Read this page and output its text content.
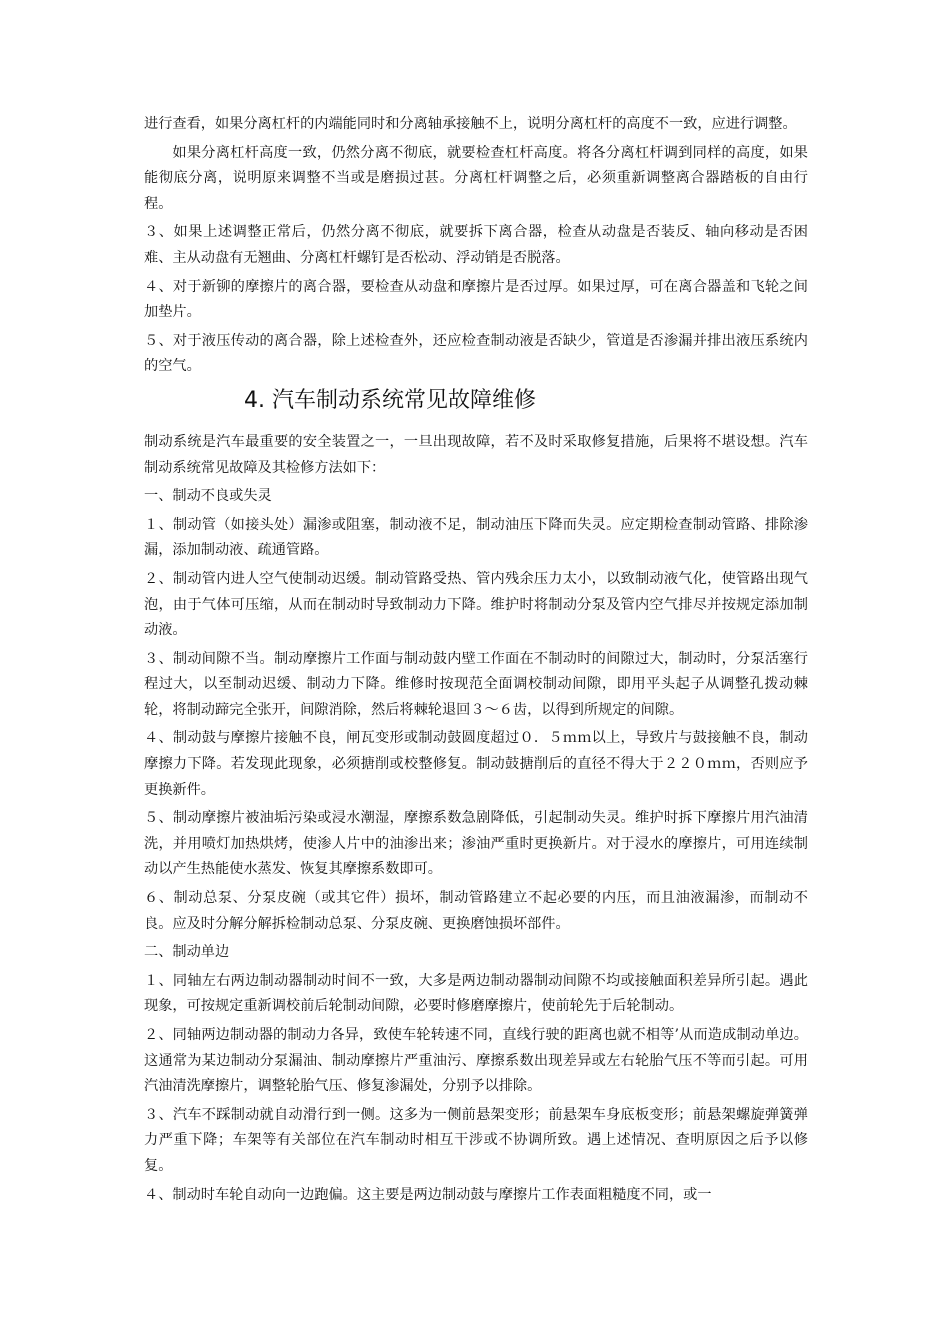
进行查看，如果分离杠杆的内端能同时和分离轴承接触不上，说明分离杠杆的高度不一致，应进行调整。

如果分离杠杆高度一致，仍然分离不彻底，就要检查杠杆高度。将各分离杠杆调到同样的高度，如果能彻底分离，说明原来调整不当或是磨损过甚。分离杠杆调整之后，必须重新调整离合器踏板的自由行程。

３、如果上述调整正常后，仍然分离不彻底，就要拆下离合器，检查从动盘是否装反、轴向移动是否困难、主从动盘有无翘曲、分离杠杆螺钉是否松动、浮动销是否脱落。

４、对于新铆的摩擦片的离合器，要检查从动盘和摩擦片是否过厚。如果过厚，可在离合器盖和飞轮之间加垫片。

５、对于液压传动的离合器，除上述检查外，还应检查制动液是否缺少，管道是否渗漏并排出液压系统内的空气。

4. 汽车制动系统常见故障维修

制动系统是汽车最重要的安全装置之一，一旦出现故障，若不及时采取修复措施，后果将不堪设想。汽车制动系统常见故障及其检修方法如下：

一、制动不良或失灵

１、制动管（如接头处）漏渗或阻塞，制动液不足，制动油压下降而失灵。应定期检查制动管路、排除渗漏，添加制动液、疏通管路。

２、制动管内进人空气使制动迟缓。制动管路受热、管内残余压力太小，以致制动液气化，使管路出现气泡，由于气体可压缩，从而在制动时导致制动力下降。维护时将制动分泵及管内空气排尽并按规定添加制动液。

３、制动间隙不当。制动摩擦片工作面与制动鼓内壁工作面在不制动时的间隙过大，制动时，分泵活塞行程过大，以至制动迟缓、制动力下降。维修时按现范全面调校制动间隙，即用平头起子从调整孔拨动棘轮，将制动蹄完全张开，间隙消除，然后将棘轮退回３～６齿，以得到所规定的间隙。

４、制动鼓与摩擦片接触不良，闸瓦变形或制动鼓圆度超过０．５ｍｍ以上，导致片与鼓接触不良，制动摩擦力下降。若发现此现象，必须搪削或校整修复。制动鼓搪削后的直径不得大于２２０ｍｍ，否则应予更换新件。

５、制动摩擦片被油垢污染或浸水潮湿，摩擦系数急剧降低，引起制动失灵。维护时拆下摩擦片用汽油清洗，并用喷灯加热烘烤，使渗人片中的油渗出来；渗油严重时更换新片。对于浸水的摩擦片，可用连续制动以产生热能使水蒸发、恢复其摩擦系数即可。

６、制动总泵、分泵皮碗（或其它件）损坏，制动管路建立不起必要的内压，而且油液漏渗，而制动不良。应及时分解分解拆检制动总泵、分泵皮碗、更换磨蚀损坏部件。

二、制动单边

１、同轴左右两边制动器制动时间不一致，大多是两边制动器制动间隙不均或接触面积差异所引起。遇此现象，可按规定重新调校前后轮制动间隙，必要时修磨摩擦片，使前轮先于后轮制动。

２、同轴两边制动器的制动力各异，致使车轮转速不同，直线行驶的距离也就不相等’从而造成制动单边。这通常为某边制动分泵漏油、制动摩擦片严重油污、摩擦系数出现差异或左右轮胎气压不等而引起。可用汽油清洗摩擦片，调整轮胎气压、修复渗漏处，分别予以排除。

３、汽车不踩制动就自动滑行到一侧。这多为一侧前悬架变形；前悬架车身底板变形；前悬架螺旋弹簧弹力严重下降；车架等有关部位在汽车制动时相互干涉或不协调所致。遇上述情况、查明原因之后予以修复。

４、制动时车轮自动向一边跑偏。这主要是两边制动鼓与摩擦片工作表面粗糙度不同，或一
